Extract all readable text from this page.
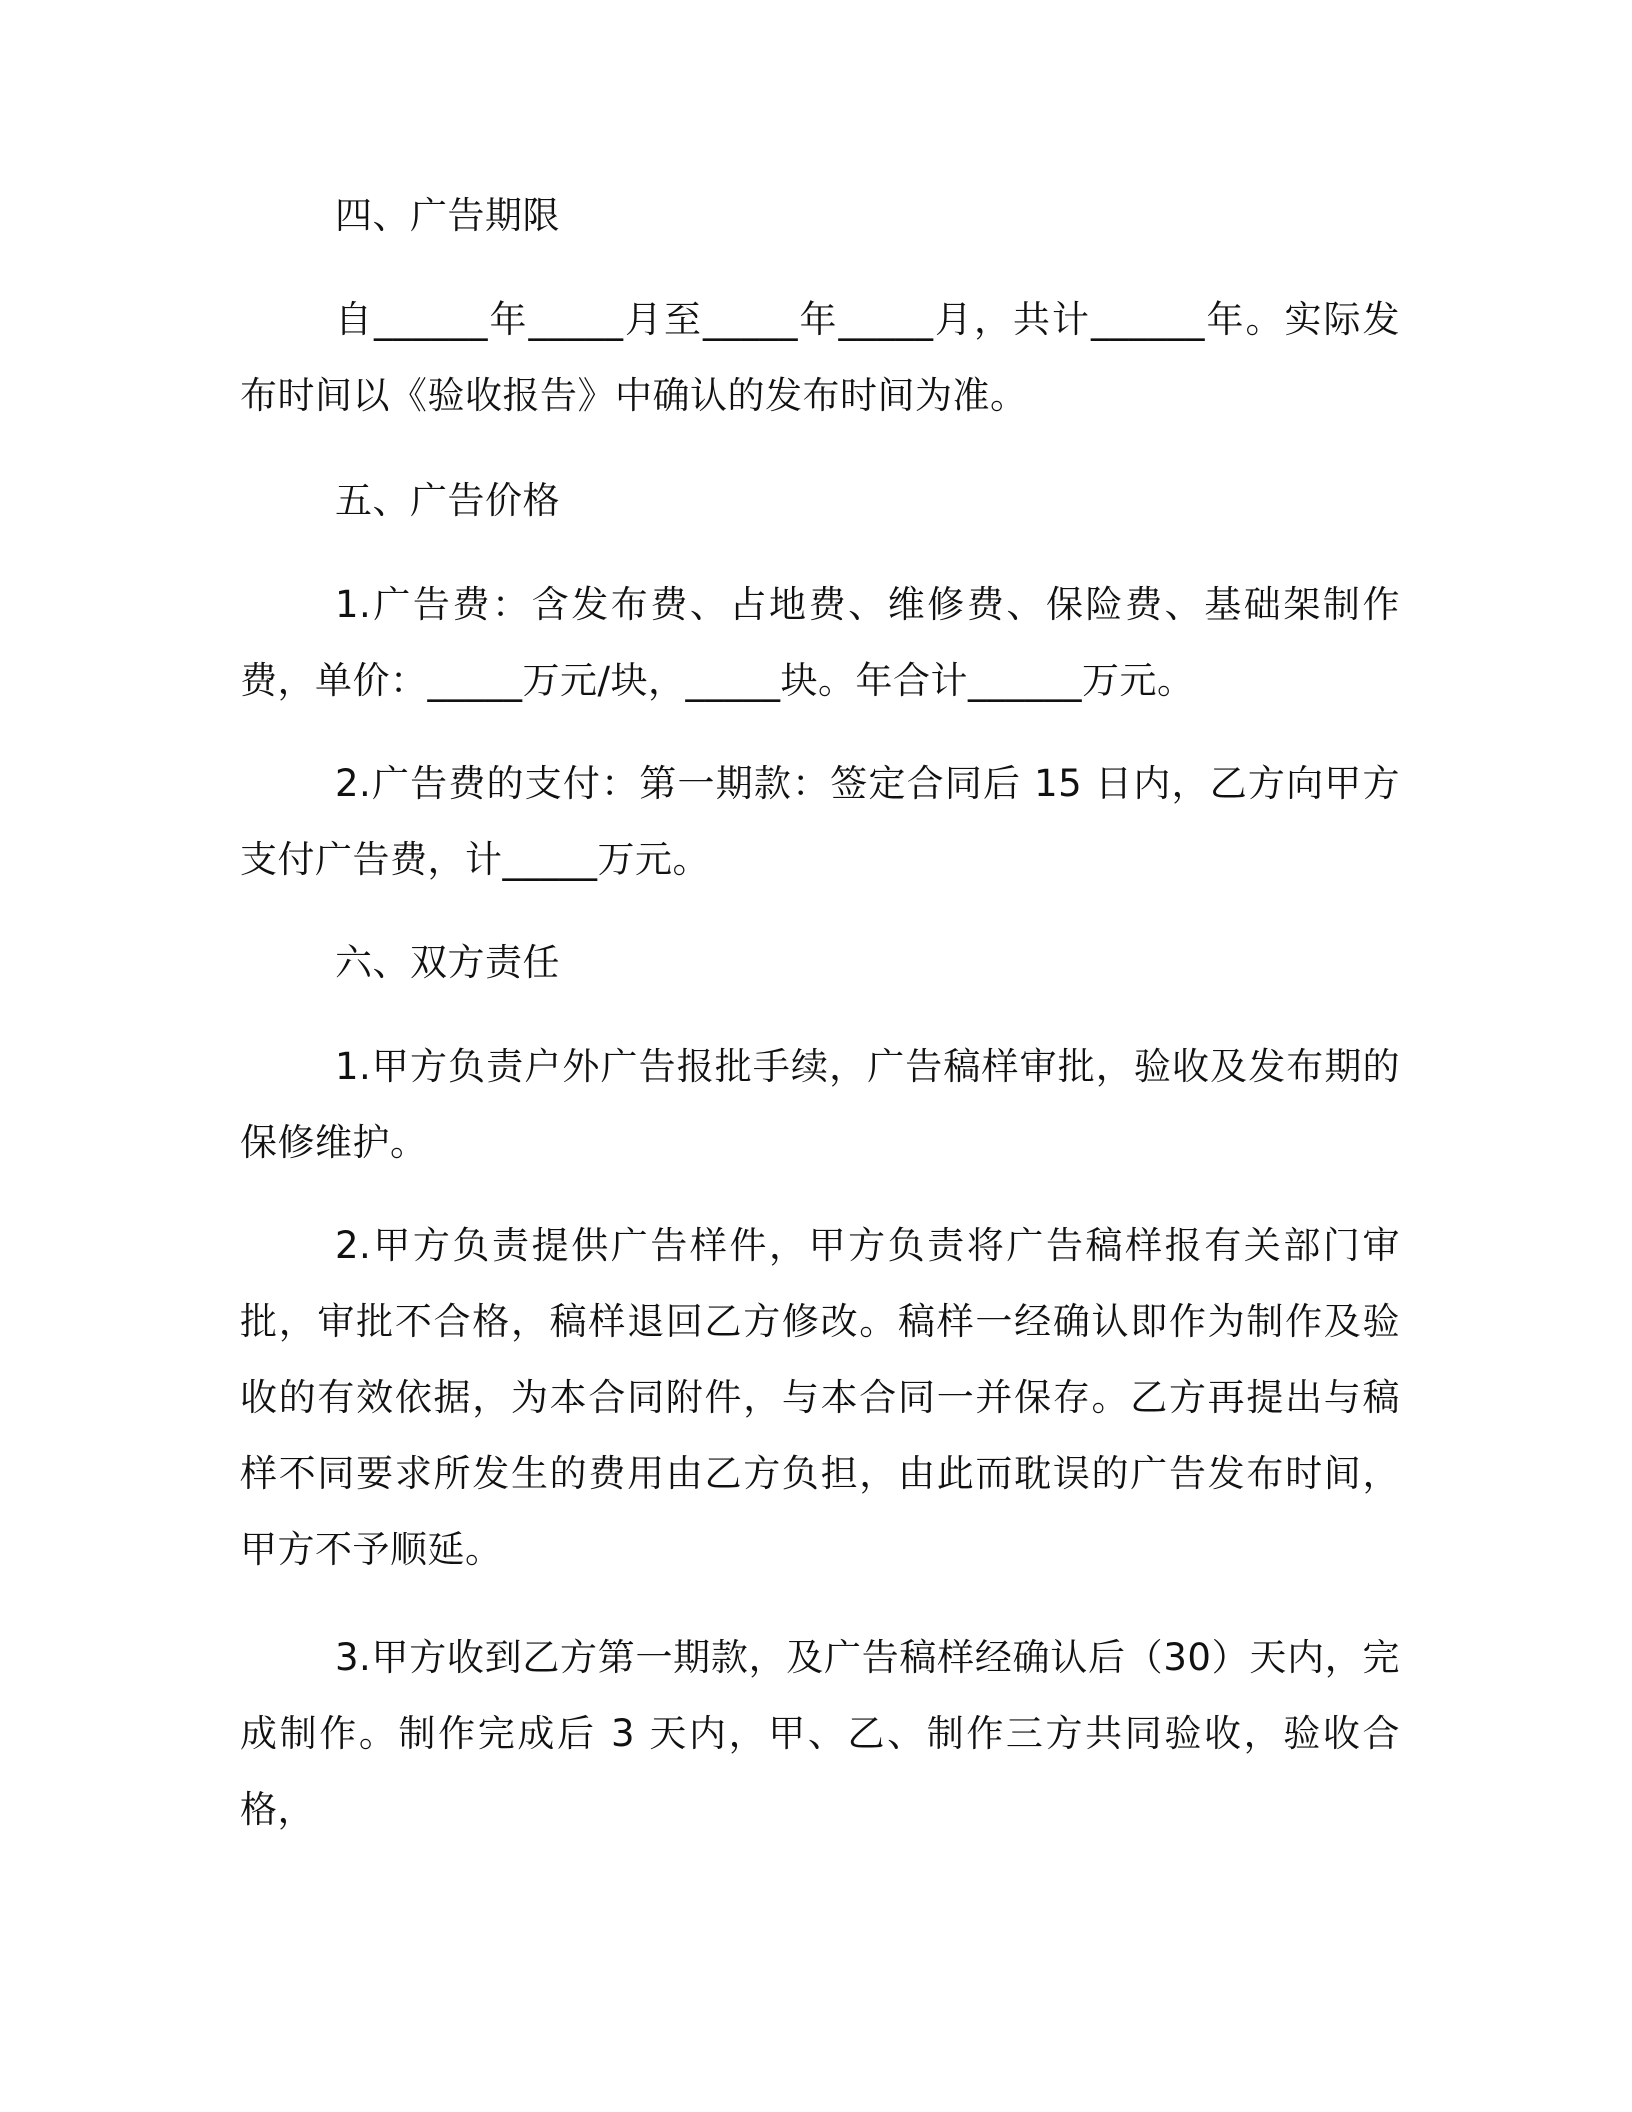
四、广告期限

自______年_____月至_____年_____月，共计______年。实际发布时间以《验收报告》中确认的发布时间为准。

五、广告价格

1.广告费：含发布费、占地费、维修费、保险费、基础架制作费，单价：_____万元/块，_____块。年合计______万元。

2.广告费的支付：第一期款：签定合同后 15 日内，乙方向甲方支付广告费，计_____万元。

六、双方责任

1.甲方负责户外广告报批手续，广告稿样审批，验收及发布期的保修维护。

2.甲方负责提供广告样件，甲方负责将广告稿样报有关部门审批，审批不合格，稿样退回乙方修改。稿样一经确认即作为制作及验收的有效依据，为本合同附件，与本合同一并保存。乙方再提出与稿样不同要求所发生的费用由乙方负担，由此而耽误的广告发布时间，甲方不予顺延。

3.甲方收到乙方第一期款，及广告稿样经确认后（30）天内，完成制作。制作完成后 3 天内，甲、乙、制作三方共同验收，验收合格，
